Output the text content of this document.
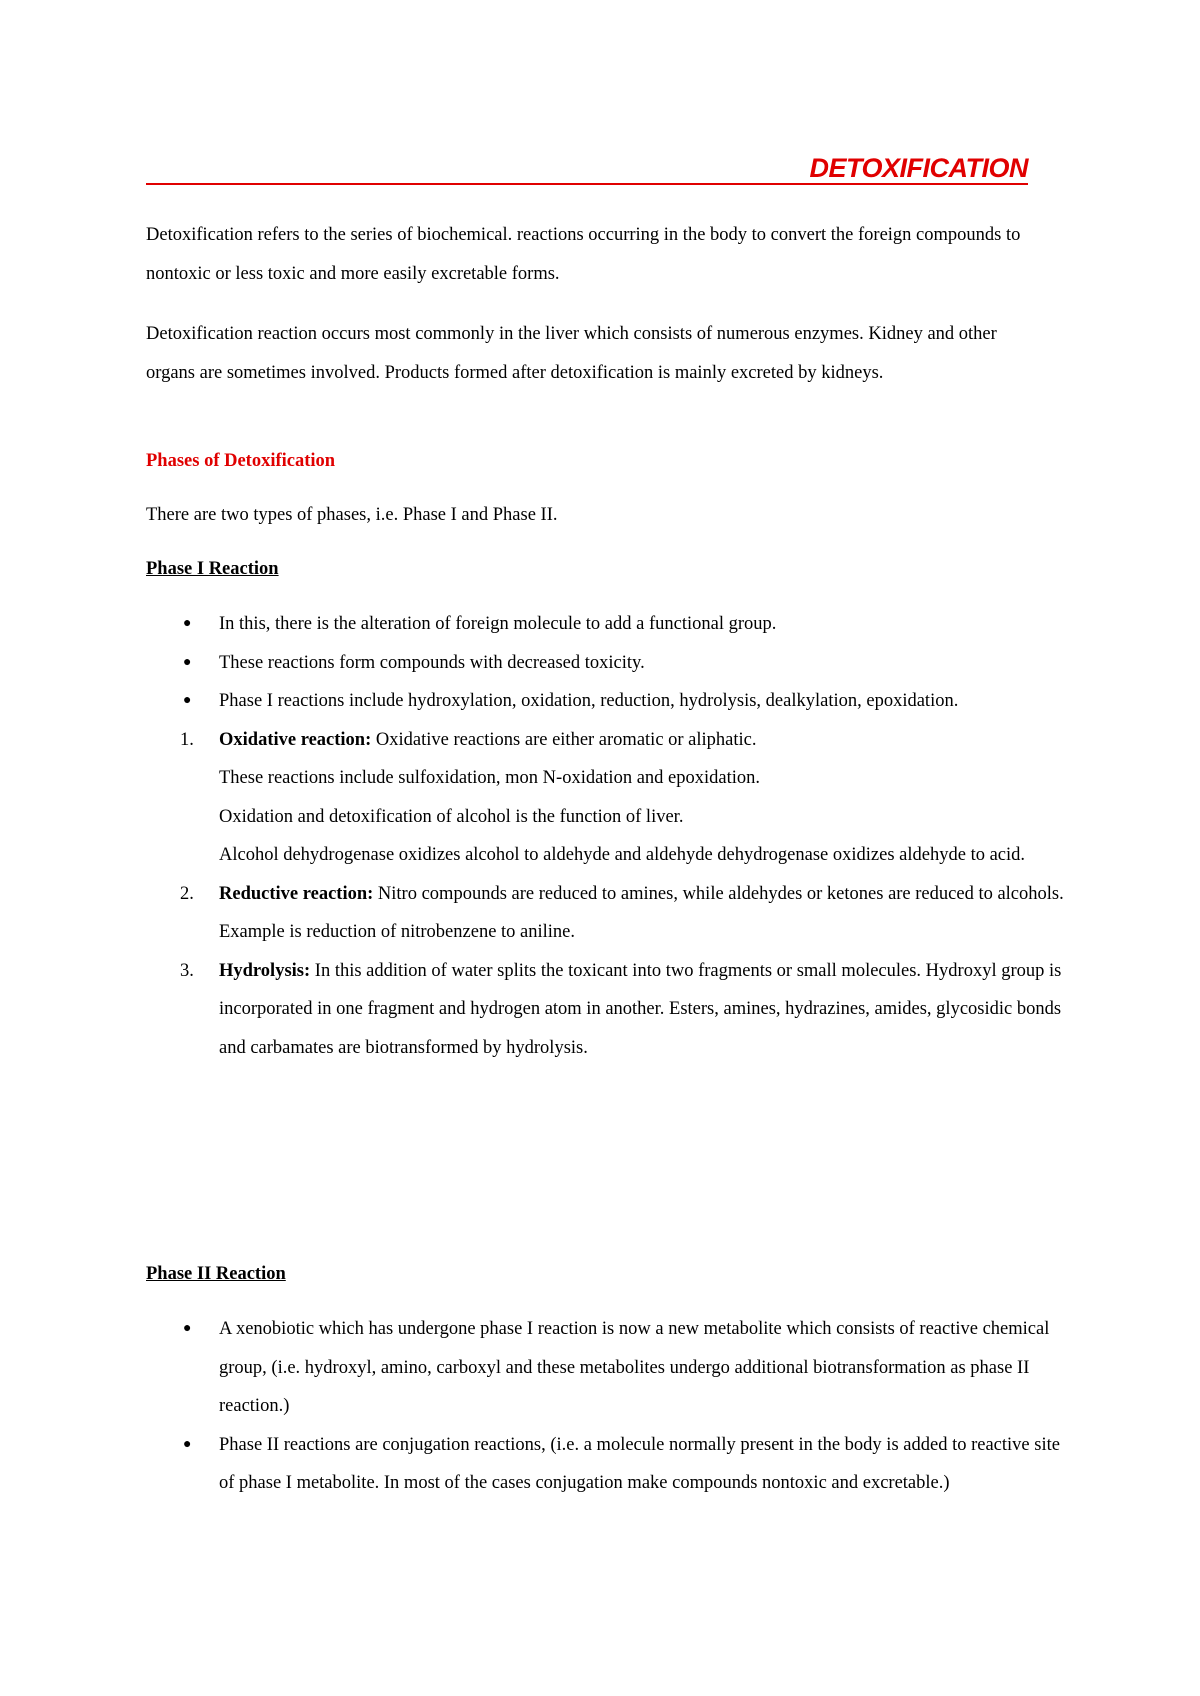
DETOXIFICATION

Detoxification refers to the series of biochemical. reactions occurring in the body to convert the foreign compounds to nontoxic or less toxic and more easily excretable forms.

Detoxification reaction occurs most commonly in the liver which consists of numerous enzymes. Kidney and other organs are sometimes involved. Products formed after detoxification is mainly excreted by kidneys.

Phases of Detoxification

There are two types of phases, i.e. Phase I and Phase II.

Phase I Reaction
● In this, there is the alteration of foreign molecule to add a functional group.
● These reactions form compounds with decreased toxicity.
● Phase I reactions include hydroxylation, oxidation, reduction, hydrolysis, dealkylation, epoxidation.
1. Oxidative reaction: Oxidative reactions are either aromatic or aliphatic.
These reactions include sulfoxidation, mon N-oxidation and epoxidation.
Oxidation and detoxification of alcohol is the function of liver.
Alcohol dehydrogenase oxidizes alcohol to aldehyde and aldehyde dehydrogenase oxidizes aldehyde to acid.
2. Reductive reaction: Nitro compounds are reduced to amines, while aldehydes or ketones are reduced to alcohols. Example is reduction of nitrobenzene to aniline.
3. Hydrolysis: In this addition of water splits the toxicant into two fragments or small molecules. Hydroxyl group is incorporated in one fragment and hydrogen atom in another. Esters, amines, hydrazines, amides, glycosidic bonds and carbamates are biotransformed by hydrolysis.
Phase II Reaction
● A xenobiotic which has undergone phase I reaction is now a new metabolite which consists of reactive chemical group, (i.e. hydroxyl, amino, carboxyl and these metabolites undergo additional biotransformation as phase II reaction.)
● Phase II reactions are conjugation reactions, (i.e. a molecule normally present in the body is added to reactive site of phase I metabolite. In most of the cases conjugation make compounds nontoxic and excretable.)
